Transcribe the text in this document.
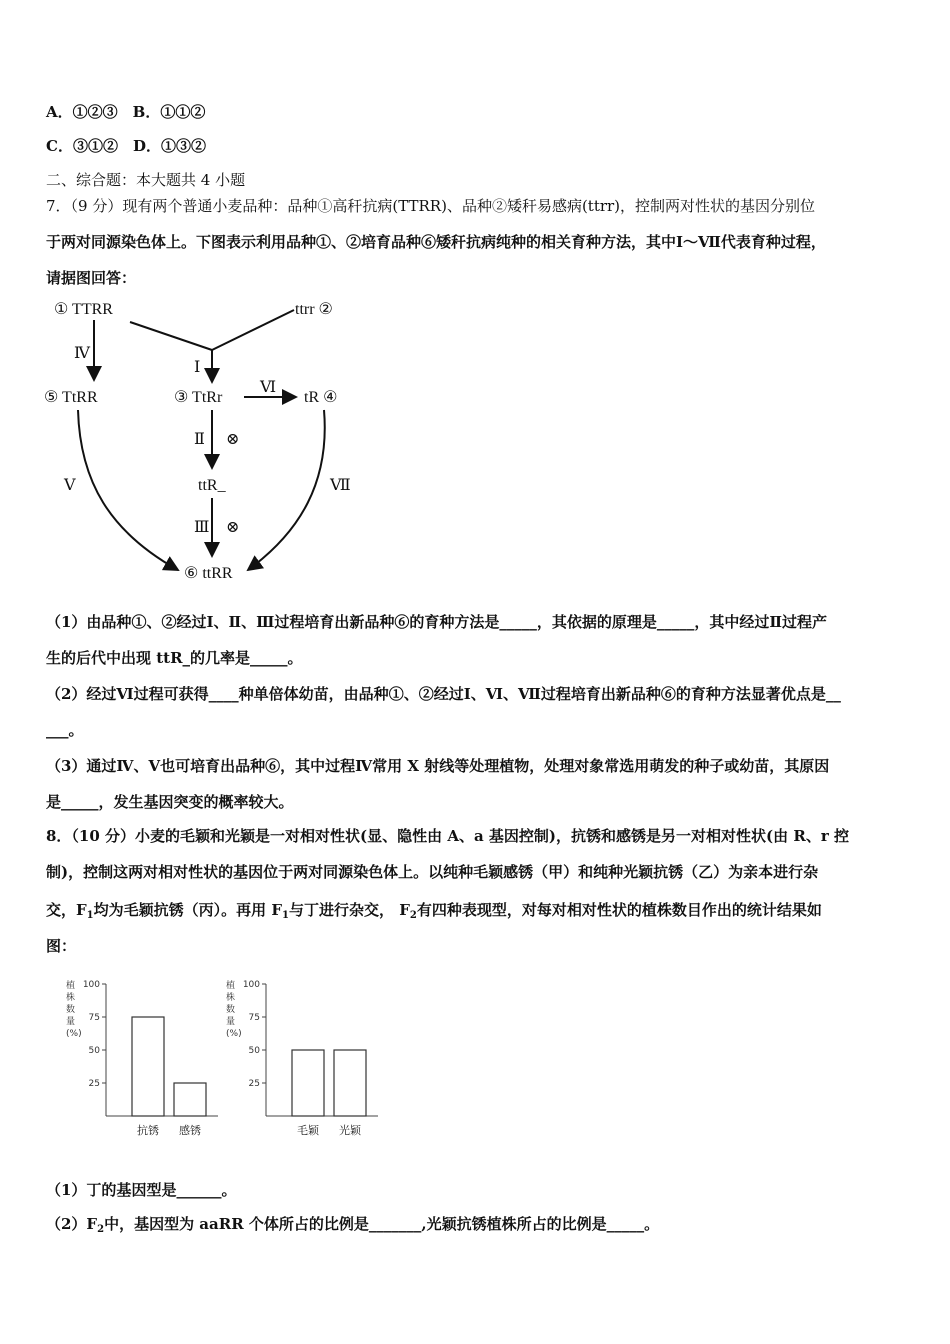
A．①②③　B．①①②
C．③①②　D．①③②
二、综合题：本大题共 4 小题
7．（9 分）现有两个普通小麦品种：品种①高秆抗病(TTRR)、品种②矮秆易感病(ttrr)，控制两对性状的基因分别位
于两对同源染色体上。下图表示利用品种①、②培育品种⑥矮秆抗病纯种的相关育种方法，其中Ⅰ～Ⅶ代表育种过程，
请据图回答：
① TTRR	ttrr ②
③ TtRr	tR ④
⑤ TtRR
⑥ ttRR
ttR_
Ⅰ
Ⅱ
Ⅲ
Ⅳ
Ⅴ
Ⅵ
Ⅶ
⊗
⊗
（1）由品种①、②经过Ⅰ、Ⅱ、Ⅲ过程培育出新品种⑥的育种方法是_____，其依据的原理是_____，其中经过Ⅱ过程产
生的后代中出现 ttR_的几率是_____。
（2）经过Ⅵ过程可获得____种单倍体幼苗，由品种①、②经过Ⅰ、Ⅵ、Ⅶ过程培育出新品种⑥的育种方法显著优点是__
___。
（3）通过Ⅳ、Ⅴ也可培育出品种⑥，其中过程Ⅳ常用 X 射线等处理植物，处理对象常选用萌发的种子或幼苗，其原因
是_____，发生基因突变的概率较大。
8．（10 分）小麦的毛颖和光颖是一对相对性状(显、隐性由 A、a 基因控制)，抗锈和感锈是另一对相对性状(由 R、r 控
制)，控制这两对相对性状的基因位于两对同源染色体上。以纯种毛颖感锈（甲）和纯种光颖抗锈（乙）为亲本进行杂
交，$F_1$均为毛颖抗锈（丙）。再用 $F_1$与丁进行杂交， $F_2$有四种表现型，对每对相对性状的植株数目作出的统计结果如
图：
植
株
数
量
(%)
100
75
50
25
抗锈 感锈
植
株
数
量
(%)
100
75
50
25
毛颖 光颖
（1）丁的基因型是______。
$(2)F_2$中，基因型为 aaRR 个体所占的比例是_______,光颖抗锈植株所占的比例是_____。
